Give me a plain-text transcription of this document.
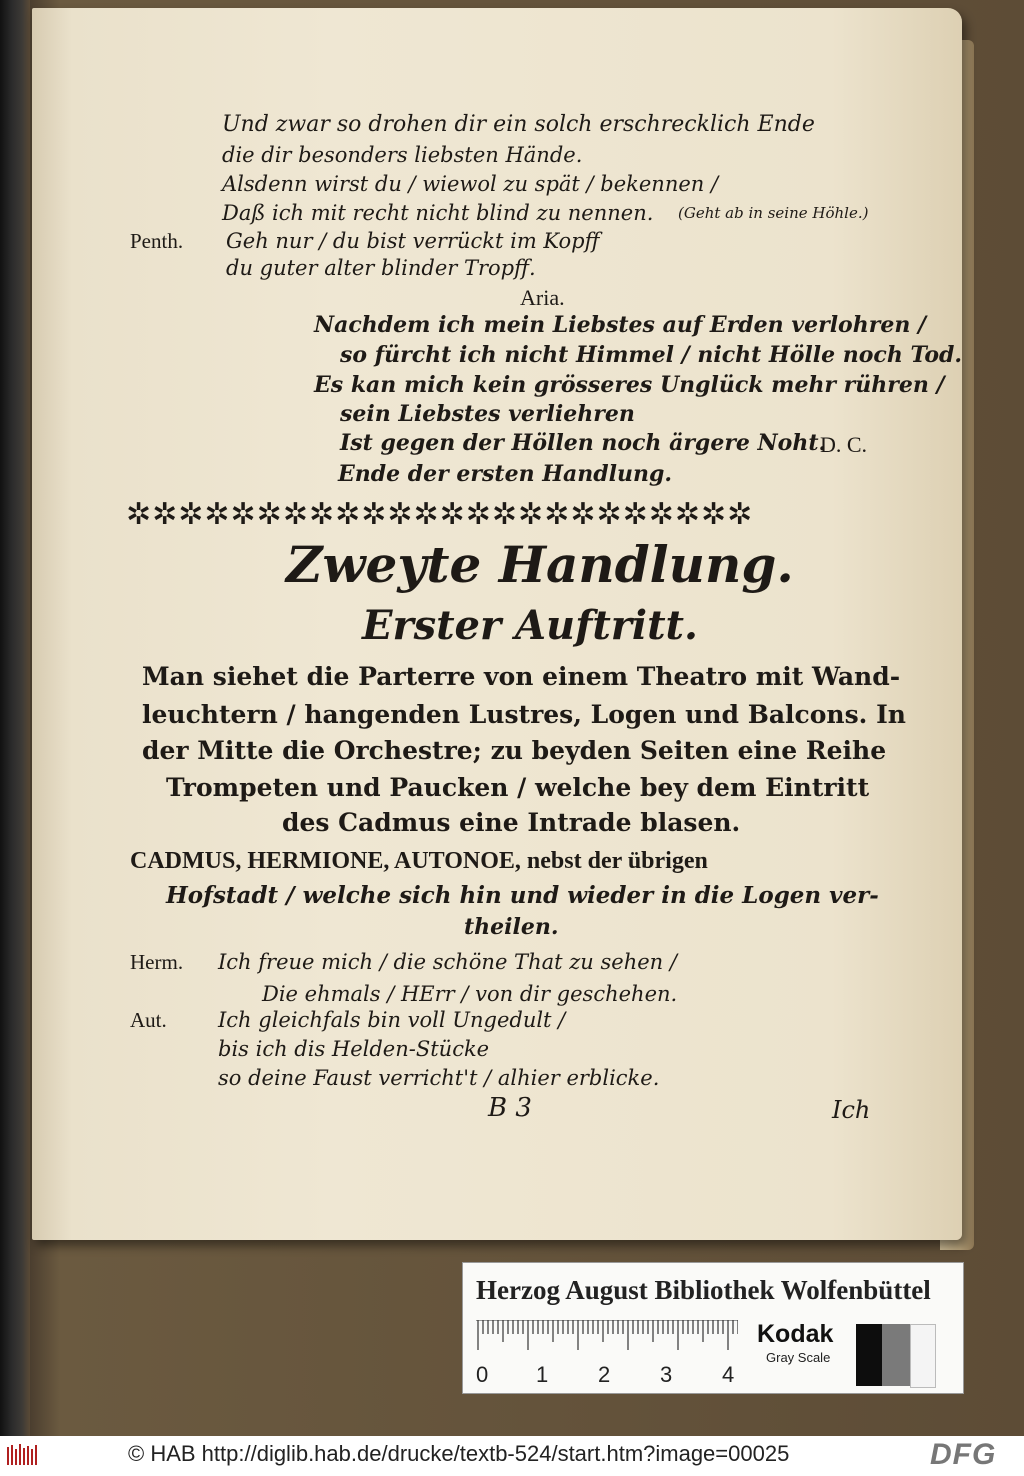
Und zwar so drohen dir ein solch erschrecklich Ende
die dir besonders liebsten Hände.
Alsdenn wirst du / wiewol zu spät / bekennen /
Daß ich mit recht nicht blind zu nennen. (Geht ab in seine Höhle.)
Penth. Geh nur / du bist verrückt im Kopff
du guter alter blinder Tropff.
Aria.
Nachdem ich mein Liebstes auf Erden verlohren /
so fürcht ich nicht Himmel / nicht Hölle noch Tod.
Es kan mich kein grösseres Unglück mehr rühren /
sein Liebstes verliehren
Ist gegen der Höllen noch ärgere Noht.
D. C.
Ende der ersten Handlung.
✲✲✲✲✲✲✲✲✲✲✲✲✲✲✲✲✲✲✲✲✲✲✲✲
Zweyte Handlung.
Erster Auftritt.
Man siehet die Parterre von einem Theatro mit Wand-
leuchtern / hangenden Lustres, Logen und Balcons. In
der Mitte die Orchestre; zu beyden Seiten eine Reihe
Trompeten und Paucken / welche bey dem Eintritt
des Cadmus eine Intrade blasen.
CADMUS, HERMIONE, AUTONOE, nebst der übrigen
Hofstadt / welche sich hin und wieder in die Logen ver-
theilen.
Herm. Ich freue mich / die schöne That zu sehen /
Die ehmals / HErr / von dir geschehen.
Aut. Ich gleichfals bin voll Ungedult /
bis ich dis Helden-Stücke
so deine Faust verricht't / alhier erblicke.
B 3	Ich
Herzog August Bibliothek Wolfenbüttel
0 1 2 3 4
Kodak
Gray Scale
© HAB http://diglib.hab.de/drucke/textb-524/start.htm?image=00025	DFG
